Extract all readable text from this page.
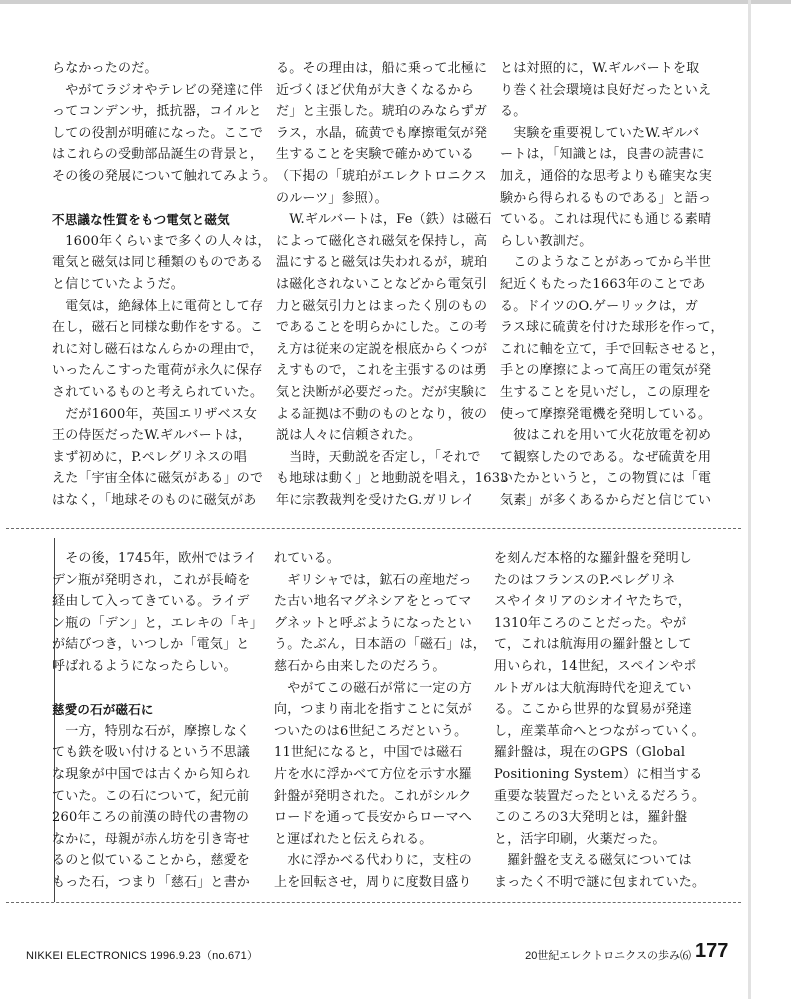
らなかったのだ。

　やがてラジオやテレビの発達に伴

ってコンデンサ，抵抗器，コイルと

しての役割が明確になった。ここで

はこれらの受動部品誕生の背景と，

その後の発展について触れてみよう。

不思議な性質をもつ電気と磁気

　1600年くらいまで多くの人々は，

電気と磁気は同じ種類のものである

と信じていたようだ。

　電気は，絶縁体上に電荷として存

在し，磁石と同様な動作をする。こ

れに対し磁石はなんらかの理由で，

いったんこすった電荷が永久に保存

されているものと考えられていた。

　だが1600年，英国エリザベス女

王の侍医だったW.ギルバートは，

まず初めに，P.ペレグリネスの唱

えた「宇宙全体に磁気がある」ので

はなく，「地球そのものに磁気があ

る。その理由は，船に乗って北極に

近づくほど伏角が大きくなるから

だ」と主張した。琥珀のみならずガ

ラス，水晶，硫黄でも摩擦電気が発

生することを実験で確かめている

（下掲の「琥珀がエレクトロニクス

のルーツ」参照）。

　W.ギルバートは，Fe（鉄）は磁石

によって磁化され磁気を保持し，高

温にすると磁気は失われるが，琥珀

は磁化されないことなどから電気引

力と磁気引力とはまったく別のもの

であることを明らかにした。この考

え方は従来の定説を根底からくつが

えすもので，これを主張するのは勇

気と決断が必要だった。だが実験に

よる証拠は不動のものとなり，彼の

説は人々に信頼された。

　当時，天動説を否定し，「それで

も地球は動く」と地動説を唱え，1633

年に宗教裁判を受けたG.ガリレイ

とは対照的に，W.ギルバートを取

り巻く社会環境は良好だったといえ

る。

　実験を重要視していたW.ギルバ

ートは，「知識とは，良書の読書に

加え，通俗的な思考よりも確実な実

験から得られるものである」と語っ

ている。これは現代にも通じる素晴

らしい教訓だ。

　このようなことがあってから半世

紀近くもたった1663年のことであ

る。ドイツのO.ゲーリックは，ガ

ラス球に硫黄を付けた球形を作って，

これに軸を立て，手で回転させると，

手との摩擦によって高圧の電気が発

生することを見いだし，この原理を

使って摩擦発電機を発明している。

　彼はこれを用いて火花放電を初め

て観察したのである。なぜ硫黄を用

いたかというと，この物質には「電

気素」が多くあるからだと信じてい

　その後，1745年，欧州ではライ

デン瓶が発明され，これが長崎を

経由して入ってきている。ライデ

ン瓶の「デン」と，エレキの「キ」

が結びつき，いつしか「電気」と

呼ばれるようになったらしい。

慈愛の石が磁石に

　一方，特別な石が，摩擦しなく

ても鉄を吸い付けるという不思議

な現象が中国では古くから知られ

ていた。この石について，紀元前

260年ころの前漢の時代の書物の

なかに，母親が赤ん坊を引き寄せ

るのと似ていることから，慈愛を

もった石，つまり「慈石」と書か

れている。

　ギリシャでは，鉱石の産地だっ

た古い地名マグネシアをとってマ

グネットと呼ぶようになったとい

う。たぶん，日本語の「磁石」は，

慈石から由来したのだろう。

　やがてこの磁石が常に一定の方

向，つまり南北を指すことに気が

ついたのは6世紀ころだという。

11世紀になると，中国では磁石

片を水に浮かべて方位を示す水羅

針盤が発明された。これがシルク

ロードを通って長安からローマへ

と運ばれたと伝えられる。

　水に浮かべる代わりに，支柱の

上を回転させ，周りに度数目盛り

を刻んだ本格的な羅針盤を発明し

たのはフランスのP.ペレグリネ

スやイタリアのシオイヤたちで，

1310年ころのことだった。やが

て，これは航海用の羅針盤として

用いられ，14世紀，スペインやポ

ルトガルは大航海時代を迎えてい

る。ここから世界的な貿易が発達

し，産業革命へとつながっていく。

羅針盤は，現在のGPS（Global

Positioning System）に相当する

重要な装置だったといえるだろう。

このころの3大発明とは，羅針盤

と，活字印刷，火薬だった。

　羅針盤を支える磁気については

まったく不明で謎に包まれていた。

NIKKEI ELECTRONICS 1996.9.23（no.671）	20世紀エレクトロニクスの歩み⑹ 177
